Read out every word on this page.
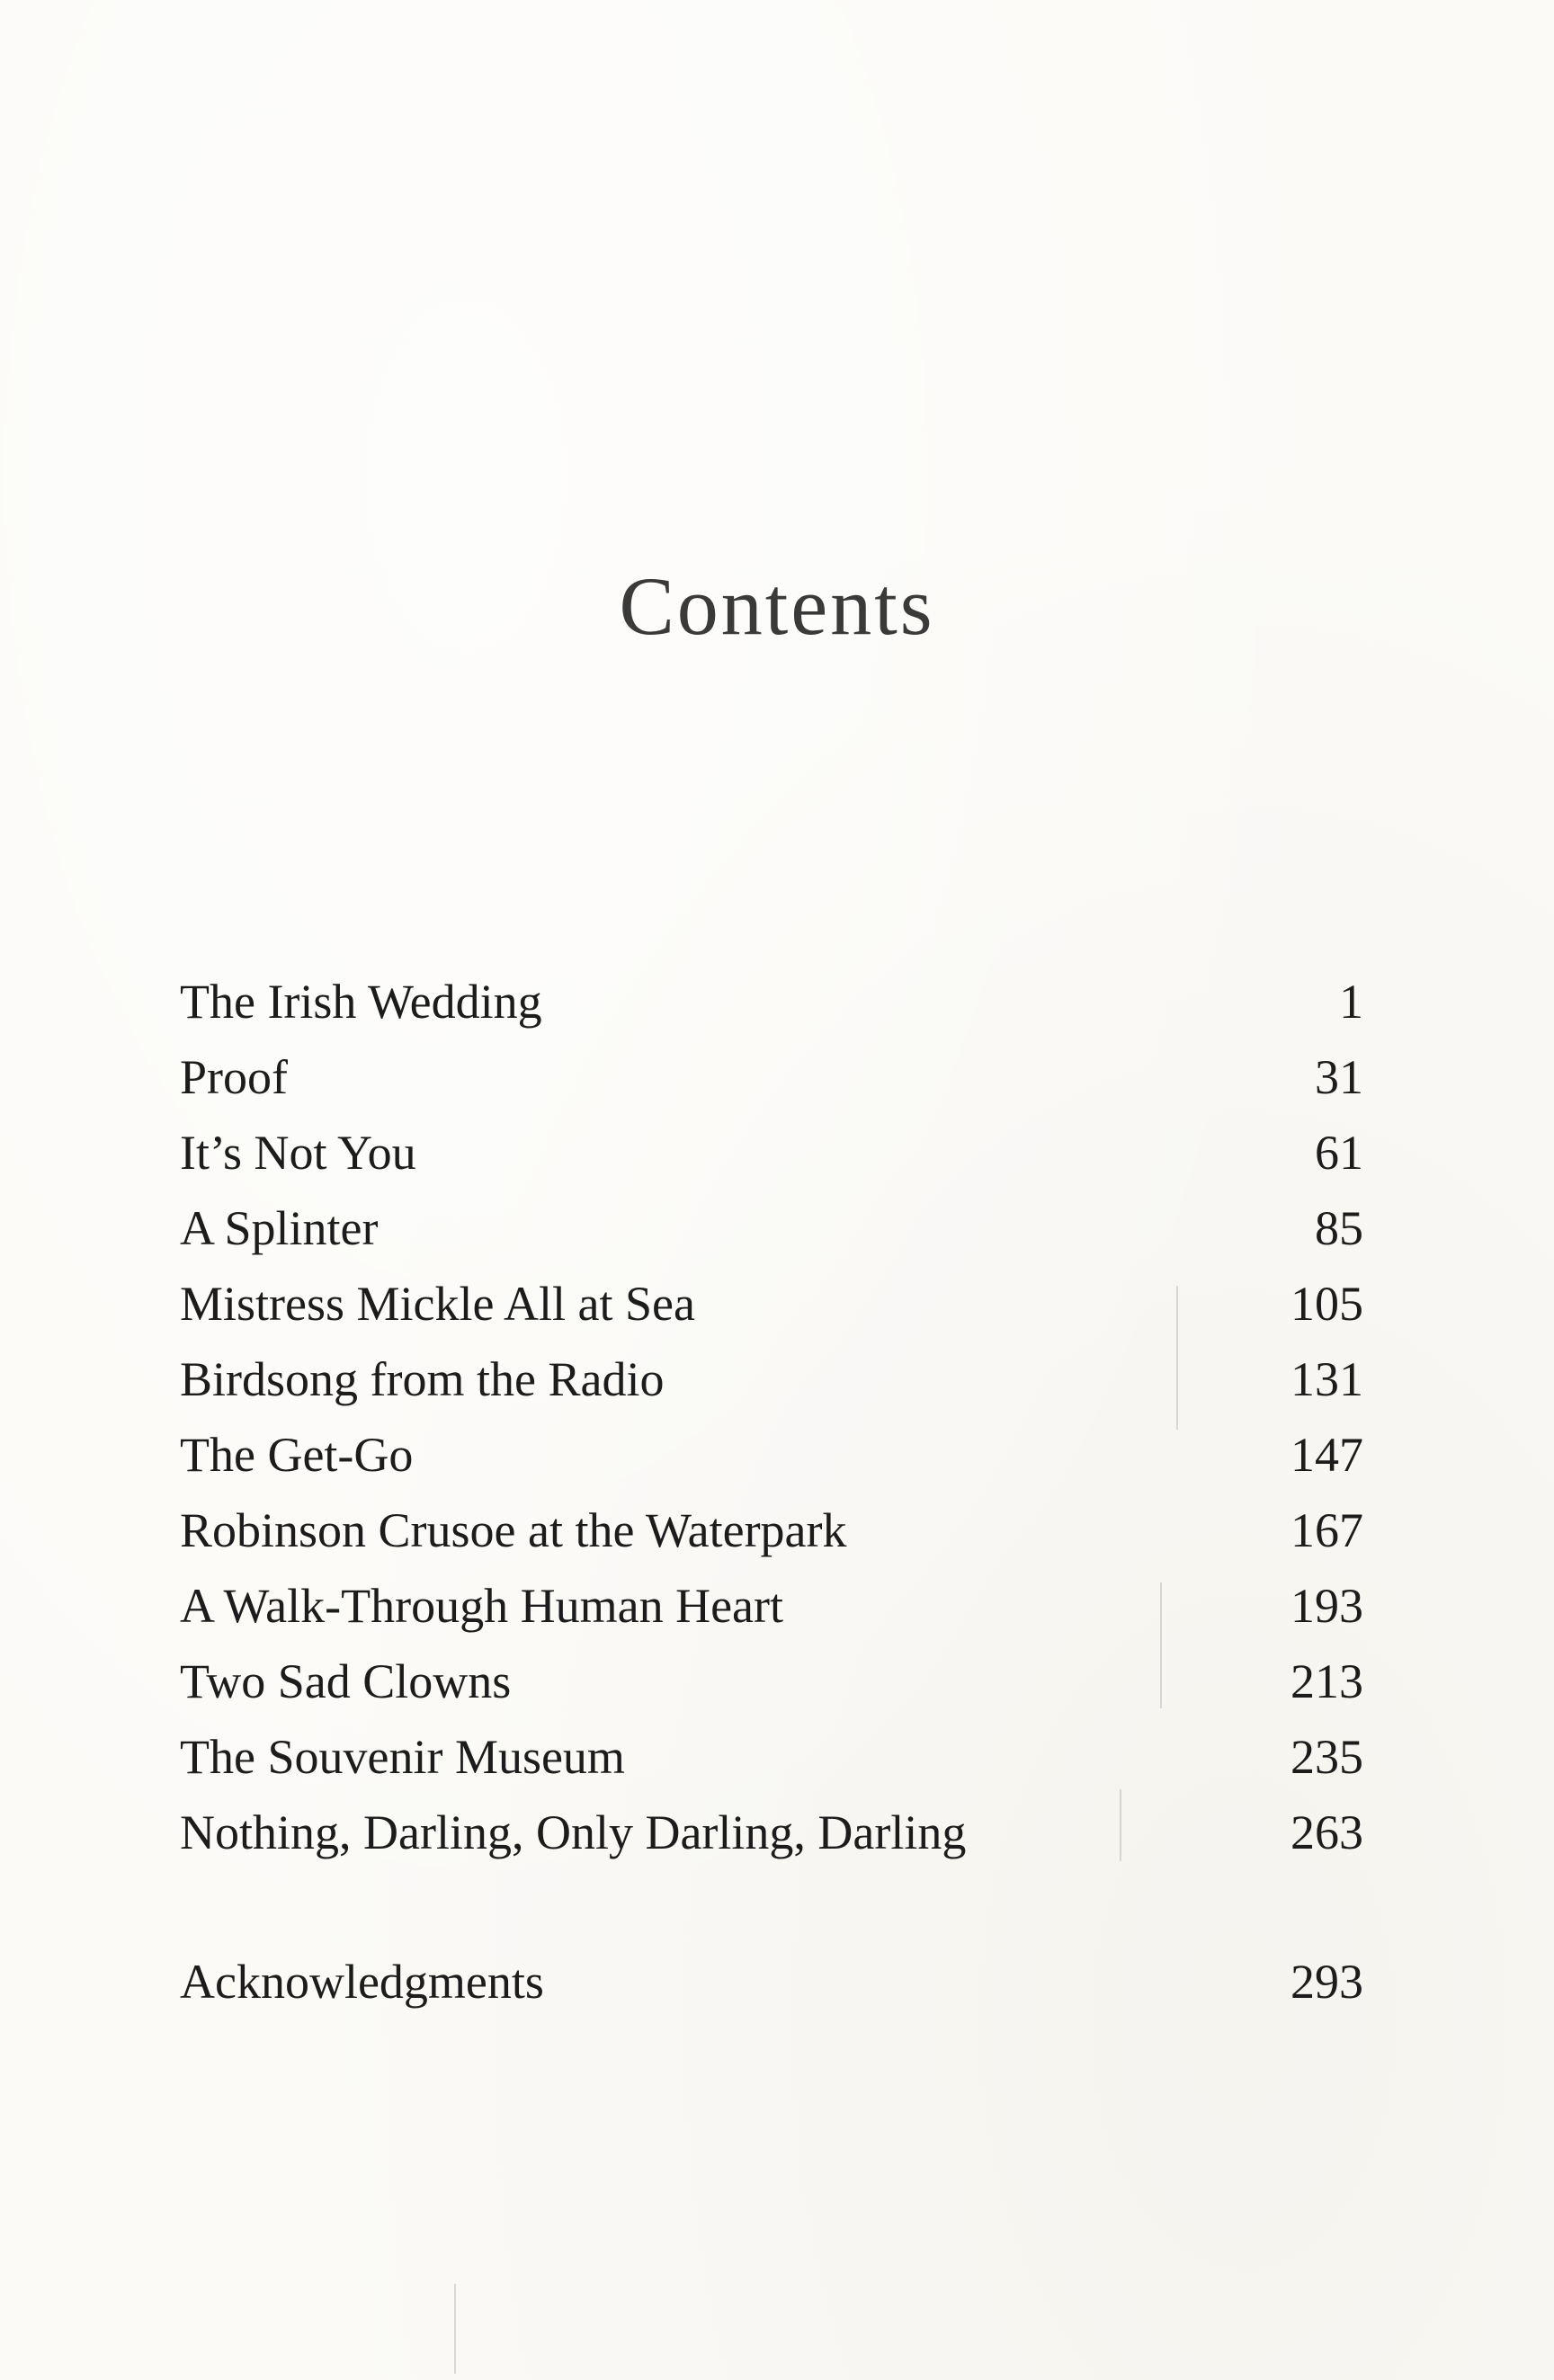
Contents
The Irish Wedding	1
Proof	31
It’s Not You	61
A Splinter	85
Mistress Mickle All at Sea	105
Birdsong from the Radio	131
The Get-Go	147
Robinson Crusoe at the Waterpark	167
A Walk-Through Human Heart	193
Two Sad Clowns	213
The Souvenir Museum	235
Nothing, Darling, Only Darling, Darling	263
Acknowledgments	293
